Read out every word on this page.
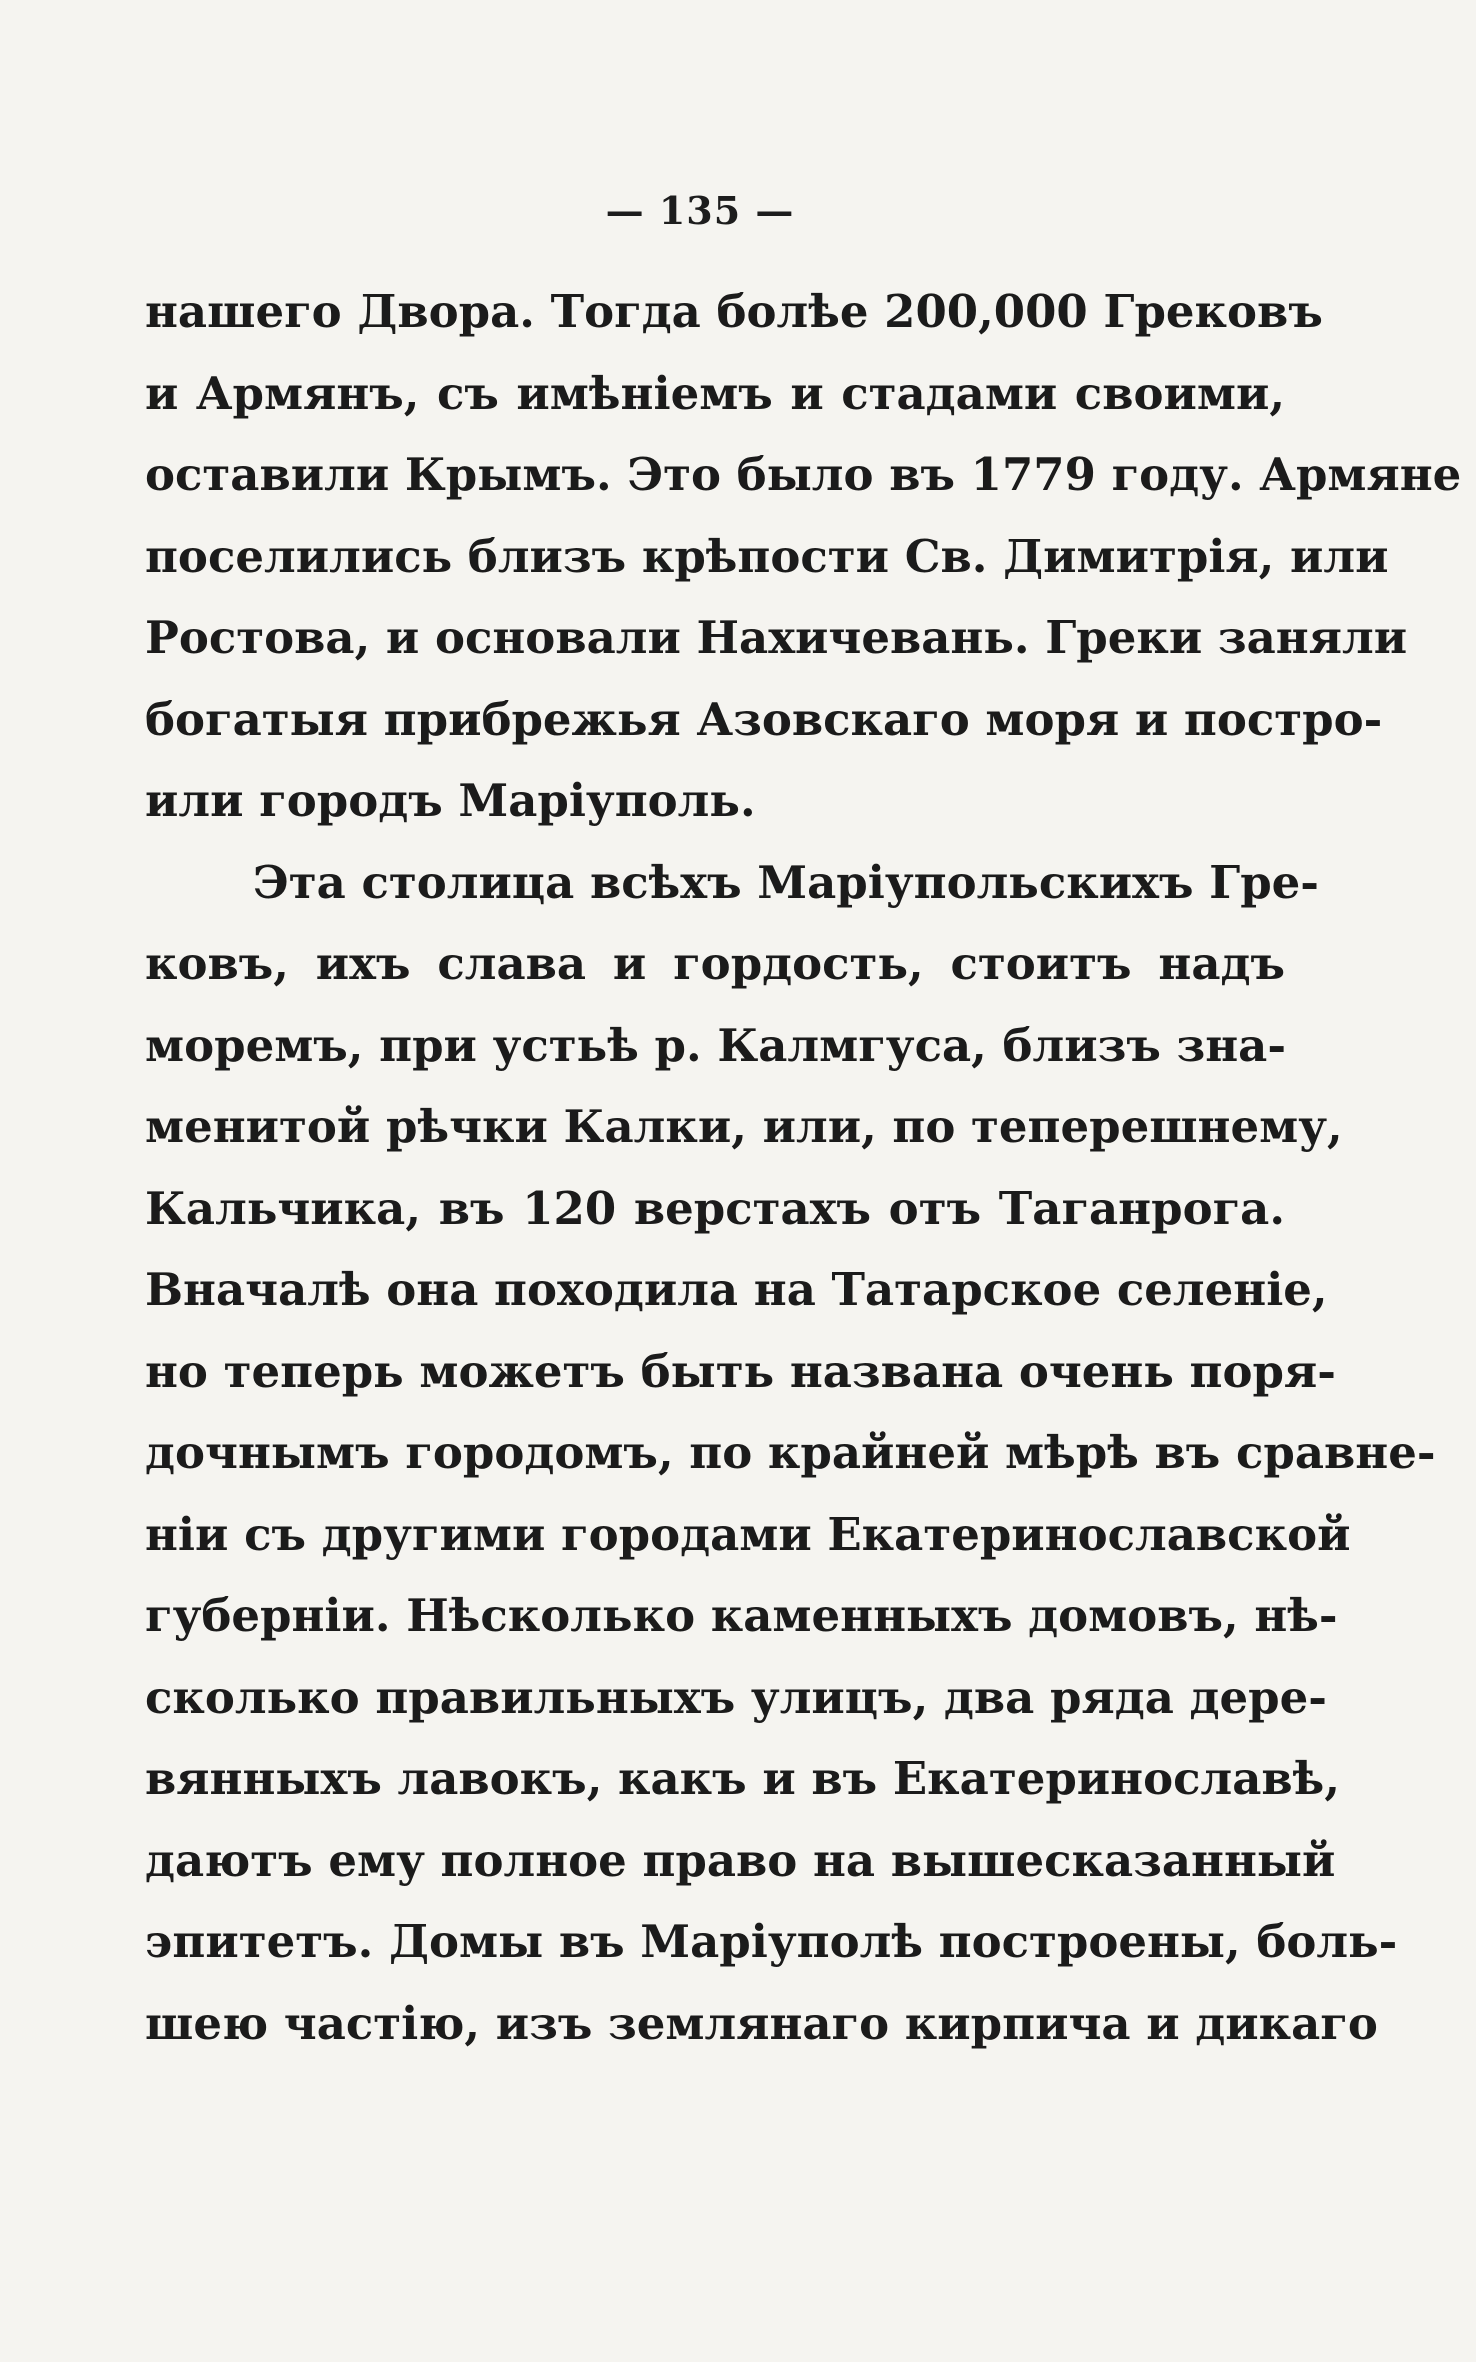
— 135 —
нашего Двора. Тогда болѣе 200,000 Грековъ
и Армянъ, съ имѣніемъ и стадами своими,
оставили Крымъ. Это было въ 1779 году. Армяне
поселились близъ крѣпости Св. Димитрія, или
Ростова, и основали Нахичевань. Греки заняли
богатыя прибрежья Азовскаго моря и постро-
или городъ Маріуполь.
Эта столица всѣхъ Маріупольскихъ Гре-
ковъ, ихъ слава и гордость, стоитъ надъ
моремъ, при устьѣ р. Калмгуса, близъ зна-
менитой рѣчки Калки, или, по теперешнему,
Кальчика, въ 120 верстахъ отъ Таганрога.
Вначалѣ она походила на Татарское селеніе,
но теперь можетъ быть названа очень поря-
дочнымъ городомъ, по крайней мѣрѣ въ сравне-
ніи съ другими городами Екатеринославской
губерніи. Нѣсколько каменныхъ домовъ, нѣ-
сколько правильныхъ улицъ, два ряда дере-
вянныхъ лавокъ, какъ и въ Екатеринославѣ,
даютъ ему полное право на вышесказанный
эпитетъ. Домы въ Маріуполѣ построены, боль-
шею частію, изъ землянаго кирпича и дикаго
